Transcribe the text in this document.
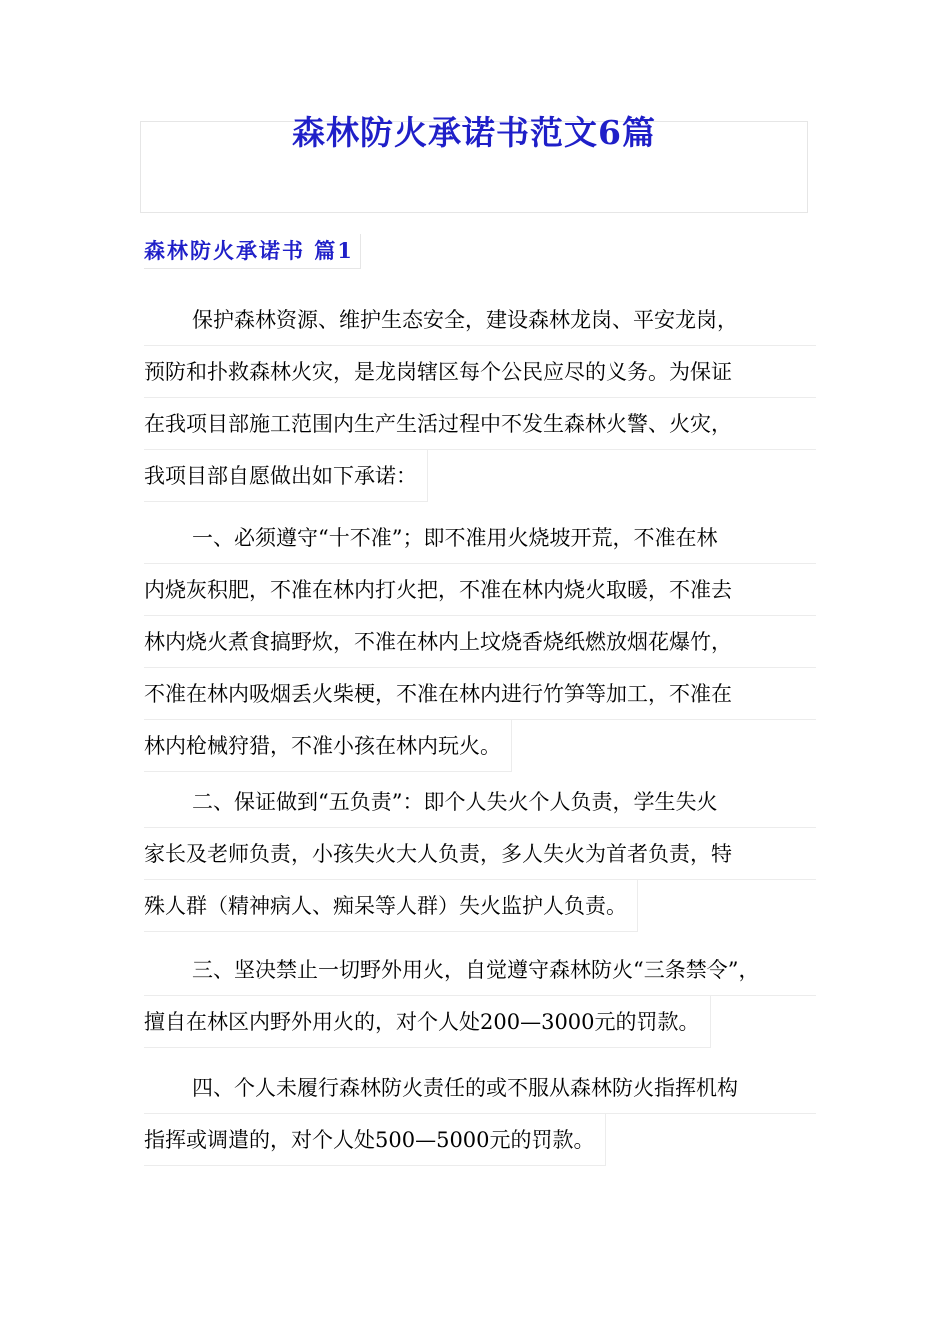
森林防火承诺书范文6篇
森林防火承诺书 篇1
保护森林资源、维护生态安全，建设森林龙岗、平安龙岗，
预防和扑救森林火灾，是龙岗辖区每个公民应尽的义务。为保证
在我项目部施工范围内生产生活过程中不发生森林火警、火灾，
我项目部自愿做出如下承诺：
一、必须遵守“十不准”；即不准用火烧坡开荒，不准在林
内烧灰积肥，不准在林内打火把，不准在林内烧火取暖，不准去
林内烧火煮食搞野炊，不准在林内上坟烧香烧纸燃放烟花爆竹，
不准在林内吸烟丢火柴梗，不准在林内进行竹笋等加工，不准在
林内枪械狩猎，不准小孩在林内玩火。
二、保证做到“五负责”：即个人失火个人负责，学生失火
家长及老师负责，小孩失火大人负责，多人失火为首者负责，特
殊人群（精神病人、痴呆等人群）失火监护人负责。
三、坚决禁止一切野外用火，自觉遵守森林防火“三条禁令”，
擅自在林区内野外用火的，对个人处200—3000元的罚款。
四、个人未履行森林防火责任的或不服从森林防火指挥机构
指挥或调遣的，对个人处500—5000元的罚款。
